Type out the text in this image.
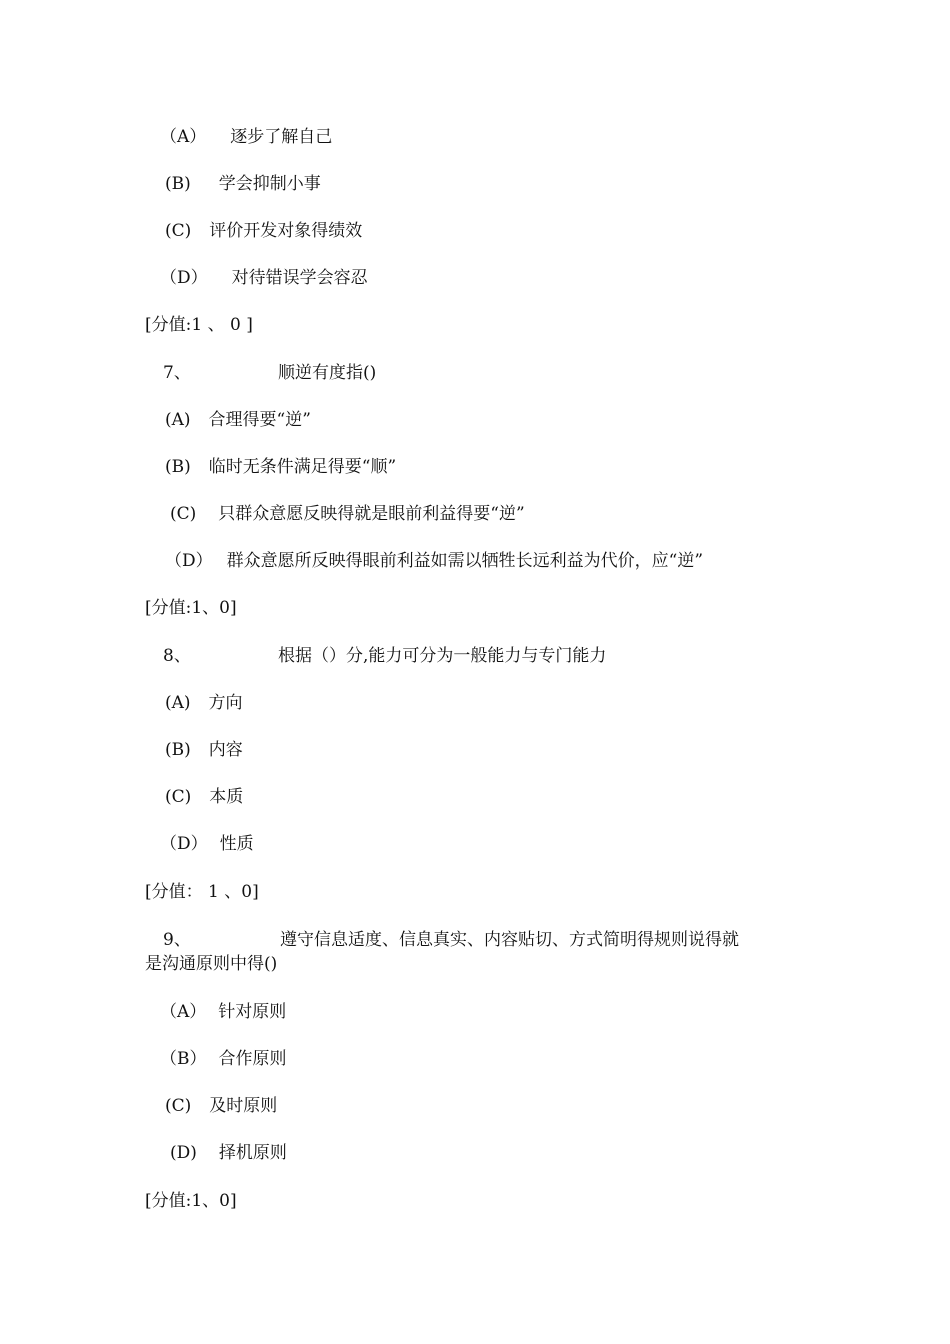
（A） 逐步了解自己
(B) 学会抑制小事
(C) 评价开发对象得绩效
（D） 对待错误学会容忍
[分值:1 、 0 ]
7、	顺逆有度指()
(A) 合理得要“逆”
(B) 临时无条件满足得要“顺”
(C) 只群众意愿反映得就是眼前利益得要“逆”
（D） 群众意愿所反映得眼前利益如需以牺牲长远利益为代价，应“逆”
[分值:1、0]
8、	根据（）分,能力可分为一般能力与专门能力
(A) 方向
(B) 内容
(C) 本质
（D） 性质
[分值： 1 、0]
9、	遵守信息适度、信息真实、内容贴切、方式简明得规则说得就
是沟通原则中得()
（A） 针对原则
（B） 合作原则
(C) 及时原则
(D) 择机原则
[分值:1、0]
